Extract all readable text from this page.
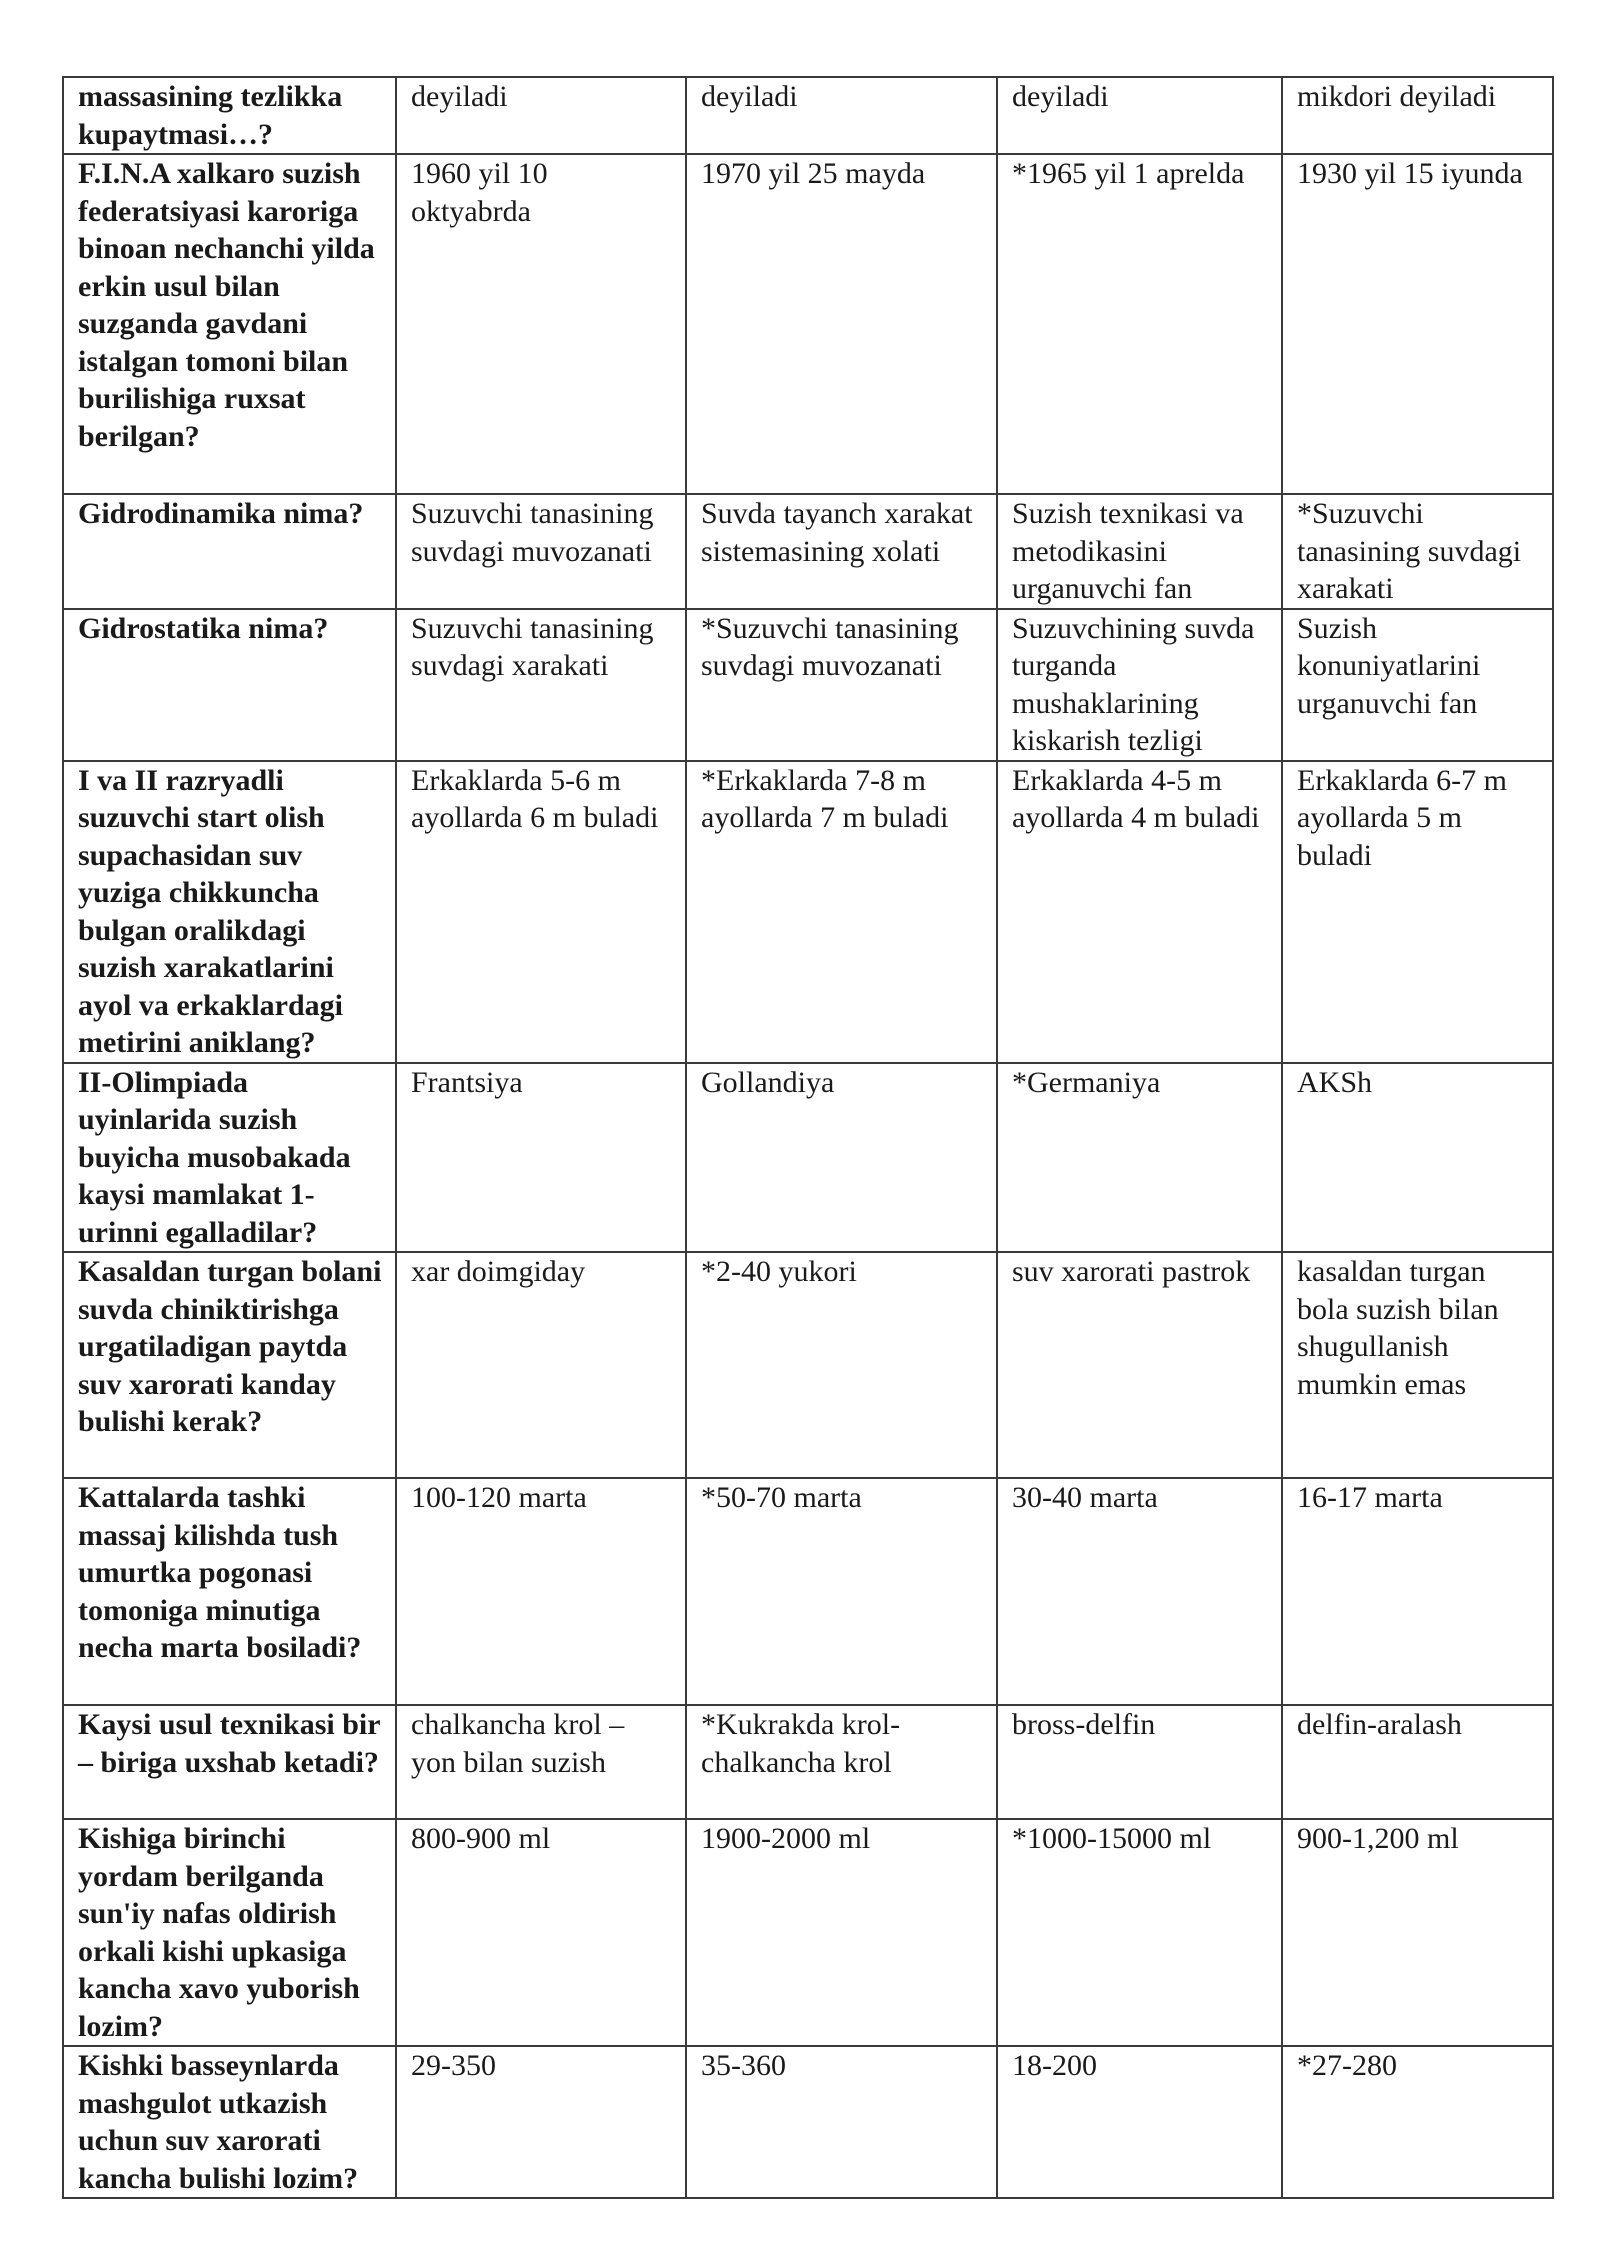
massasining tezlikka kupaytmasi…?	deyiladi	deyiladi	deyiladi	mikdori deyiladi
F.I.N.A xalkaro suzish federatsiyasi karoriga binoan nechanchi yilda erkin usul bilan suzganda gavdani istalgan tomoni bilan burilishiga ruxsat berilgan?	1960 yil 10 oktyabrda	1970 yil 25 mayda	*1965 yil 1 aprelda	1930 yil 15 iyunda
Gidrodinamika nima?	Suzuvchi tanasining suvdagi muvozanati	Suvda tayanch xarakat sistemasining xolati	Suzish texnikasi va metodikasini urganuvchi fan	*Suzuvchi tanasining suvdagi xarakati
Gidrostatika nima?	Suzuvchi tanasining suvdagi xarakati	*Suzuvchi tanasining suvdagi muvozanati	Suzuvchining suvda turganda mushaklarining kiskarish tezligi	Suzish konuniyatlarini urganuvchi fan
I va II razryadli suzuvchi start olish supachasidan suv yuziga chikkuncha bulgan oralikdagi suzish xarakatlarini ayol va erkaklardagi metirini aniklang?	Erkaklarda 5-6 m ayollarda 6 m buladi	*Erkaklarda 7-8 m ayollarda 7 m buladi	Erkaklarda 4-5 m ayollarda 4 m buladi	Erkaklarda 6-7 m ayollarda 5 m buladi
II-Olimpiada uyinlarida suzish buyicha musobakada kaysi mamlakat 1-urinni egalladilar?	Frantsiya	Gollandiya	*Germaniya	AKSh
Kasaldan turgan bolani suvda chiniktirishga urgatiladigan paytda suv xarorati kanday bulishi kerak?	xar doimgiday	*2-40 yukori	suv xarorati pastrok	kasaldan turgan bola suzish bilan shugullanish mumkin emas
Kattalarda tashki massaj kilishda tush umurtka pogonasi tomoniga minutiga necha marta bosiladi?	100-120 marta	*50-70 marta	30-40 marta	16-17 marta
Kaysi usul texnikasi bir – biriga uxshab ketadi?	chalkancha krol – yon bilan suzish	*Kukrakda krol-chalkancha krol	bross-delfin	delfin-aralash
Kishiga birinchi yordam berilganda sun'iy nafas oldirish orkali kishi upkasiga kancha xavo yuborish lozim?	800-900 ml	1900-2000 ml	*1000-15000 ml	900-1,200 ml
Kishki basseynlarda mashgulot utkazish uchun suv xarorati kancha bulishi lozim?	29-350	35-360	18-200	*27-280
